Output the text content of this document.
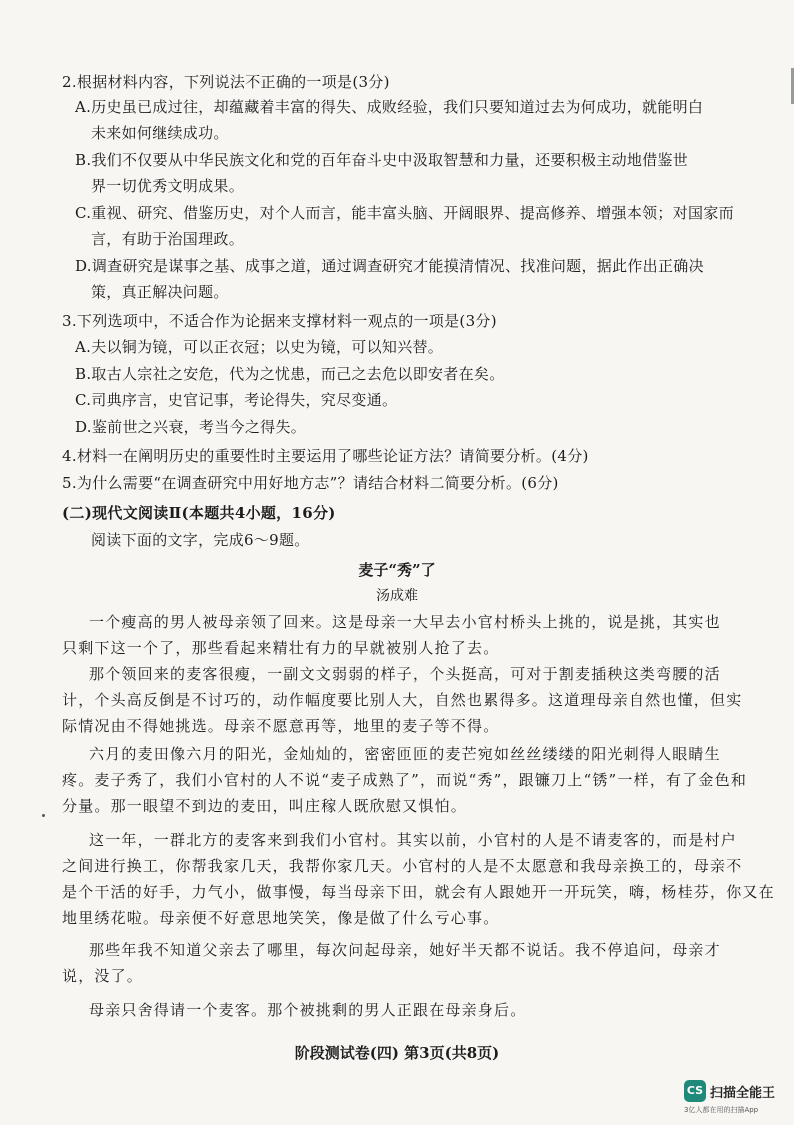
2.根据材料内容，下列说法不正确的一项是(3分)
A.历史虽已成过往，却蕴藏着丰富的得失、成败经验，我们只要知道过去为何成功，就能明白
未来如何继续成功。
B.我们不仅要从中华民族文化和党的百年奋斗史中汲取智慧和力量，还要积极主动地借鉴世
界一切优秀文明成果。
C.重视、研究、借鉴历史，对个人而言，能丰富头脑、开阔眼界、提高修养、增强本领；对国家而
言，有助于治国理政。
D.调查研究是谋事之基、成事之道，通过调查研究才能摸清情况、找准问题，据此作出正确决
策，真正解决问题。
3.下列选项中，不适合作为论据来支撑材料一观点的一项是(3分)
A.夫以铜为镜，可以正衣冠；以史为镜，可以知兴替。
B.取古人宗社之安危，代为之忧患，而己之去危以即安者在矣。
C.司典序言，史官记事，考论得失，究尽变通。
D.鉴前世之兴衰，考当今之得失。
4.材料一在阐明历史的重要性时主要运用了哪些论证方法？请简要分析。(4分)
5.为什么需要“在调查研究中用好地方志”？请结合材料二简要分析。(6分)
(二)现代文阅读Ⅱ(本题共4小题，16分)
阅读下面的文字，完成6～9题。
麦子“秀”了
汤成难
一个瘦高的男人被母亲领了回来。这是母亲一大早去小官村桥头上挑的，说是挑，其实也
只剩下这一个了，那些看起来精壮有力的早就被别人抢了去。
那个领回来的麦客很瘦，一副文文弱弱的样子，个头挺高，可对于割麦插秧这类弯腰的活
计，个头高反倒是不讨巧的，动作幅度要比别人大，自然也累得多。这道理母亲自然也懂，但实
际情况由不得她挑选。母亲不愿意再等，地里的麦子等不得。
六月的麦田像六月的阳光，金灿灿的，密密匝匝的麦芒宛如丝丝缕缕的阳光刺得人眼睛生
疼。麦子秀了，我们小官村的人不说“麦子成熟了”，而说“秀”，跟镰刀上“锈”一样，有了金色和
分量。那一眼望不到边的麦田，叫庄稼人既欣慰又惧怕。
这一年，一群北方的麦客来到我们小官村。其实以前，小官村的人是不请麦客的，而是村户
之间进行换工，你帮我家几天，我帮你家几天。小官村的人是不太愿意和我母亲换工的，母亲不
是个干活的好手，力气小，做事慢，每当母亲下田，就会有人跟她开一开玩笑，嗨，杨桂芬，你又在
地里绣花啦。母亲便不好意思地笑笑，像是做了什么亏心事。
那些年我不知道父亲去了哪里，每次问起母亲，她好半天都不说话。我不停追问，母亲才
说，没了。
母亲只舍得请一个麦客。那个被挑剩的男人正跟在母亲身后。
阶段测试卷(四) 第3页(共8页)
CS 扫描全能王
3亿人都在用的扫描App
